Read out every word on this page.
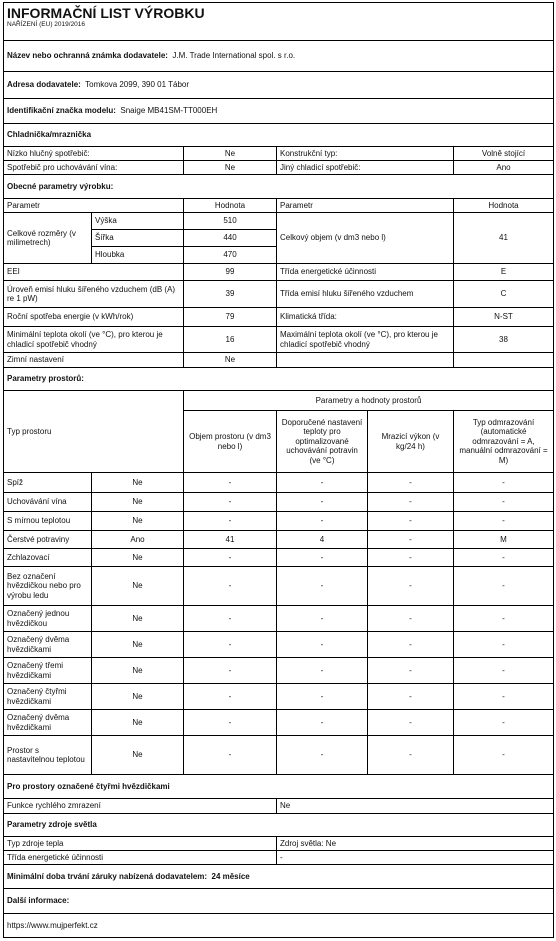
INFORMAČNÍ LIST VÝROBKU
NAŘÍZENÍ (EU) 2019/2016					

Název nebo ochranná známka dodavatele: J.M. Trade International spol. s r.o.					
Adresa dodavatele: Tomkova 2099, 390 01 Tábor					
Identifikační značka modelu: Snaige MB41SM-TT000EH					
Chladnička/mraznička					
Nízko hlučný spotřebič:		Ne	Konstrukční typ:		Volně stojící
Spotřebič pro uchovávání vína:		Ne	Jiný chladicí spotřebič:		Ano
Obecné parametry výrobku:					
Parametr		Hodnota	Parametr		Hodnota
Celkové rozměry (v milimetrech)	Výška	510	Celkový objem (v dm3 nebo l)		41
	Šířka	440			
	Hloubka	470			
EEI		99	Třída energetické účinnosti		E
Úroveň emisí hluku šířeného vzduchem (dB (A) re 1 pW)		39	Třída emisí hluku šířeného vzduchem		C
Roční spotřeba energie (v kWh/rok)		79	Klimatická třída:		N-ST
Minimální teplota okolí (ve °C), pro kterou je chladicí spotřebič vhodný		16	Maximální teplota okolí (ve °C), pro kterou je chladicí spotřebič vhodný		38
Zimní nastavení		Ne			
Parametry prostorů:					
Typ prostoru		Parametry a hodnoty prostorů			
		Objem prostoru (v dm3 nebo l)	Doporučené nastavení teploty pro optimalizované uchovávání potravin (ve °C)	Mrazicí výkon (v kg/24 h)	Typ odmrazování (automatické odmrazování = A, manuální odmrazování = M)
Spíž	Ne	-	-	-	-
Uchovávání vína	Ne	-	-	-	-
S mírnou teplotou	Ne	-	-	-	-
Čerstvé potraviny	Ano	41	4	-	M
Zchlazovací	Ne	-	-	-	-
Bez označení hvězdičkou nebo pro výrobu ledu	Ne	-	-	-	-
Označený jednou hvězdičkou	Ne	-	-	-	-
Označený dvěma hvězdičkami	Ne	-	-	-	-
Označený třemi hvězdičkami	Ne	-	-	-	-
Označený čtyřmi hvězdičkami	Ne	-	-	-	-
Označený dvěma hvězdičkami	Ne	-	-	-	-
Prostor s nastavitelnou teplotou	Ne	-	-	-	-
Pro prostory označené čtyřmi hvězdičkami					
Funkce rychlého zmrazení			Ne		
Parametry zdroje světla					
Typ zdroje tepla			Zdroj světla: Ne		
Třída energetické účinnosti			-		
Minimální doba trvání záruky nabízená dodavatelem: 24 měsíce					
Další informace:					
https://www.mujperfekt.cz					
